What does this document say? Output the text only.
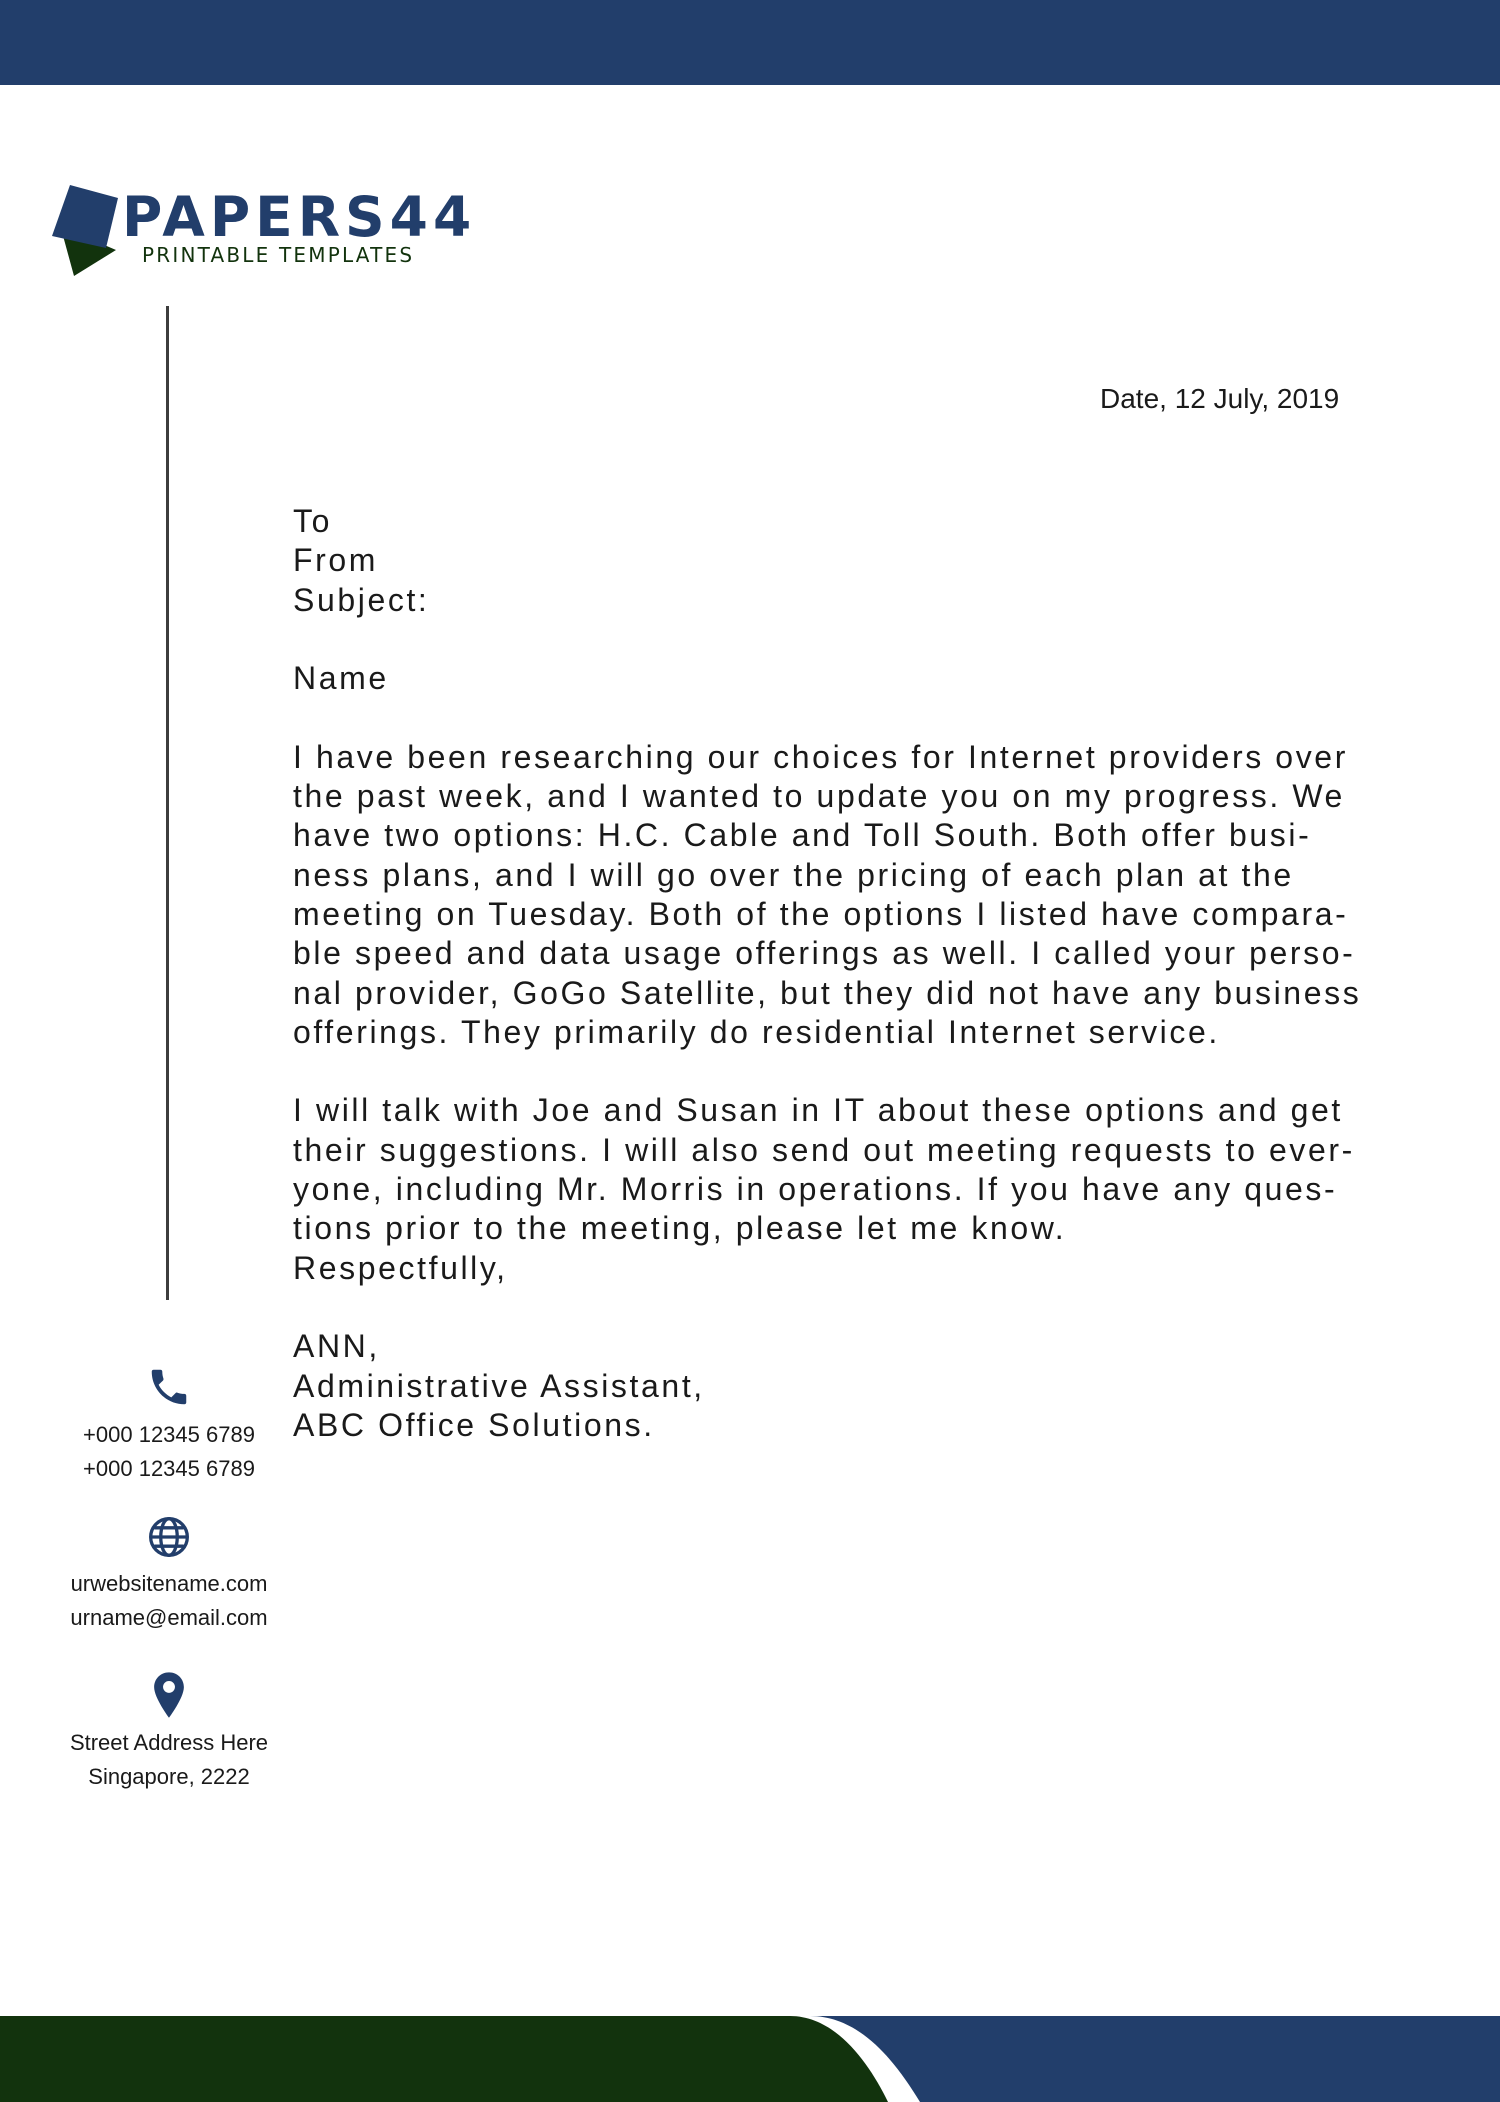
PAPERS44
PRINTABLE TEMPLATES
Date, 12 July, 2019

To

From

Subject:

Name

I have been researching our choices for Internet providers over

the past week, and I wanted to update you on my progress. We

have two options: H.C. Cable and Toll South. Both offer busi-

ness plans, and I will go over the pricing of each plan at the

meeting on Tuesday. Both of the options I listed have compara-

ble speed and data usage offerings as well. I called your perso-

nal provider, GoGo Satellite, but they did not have any business

offerings. They primarily do residential Internet service.

I will talk with Joe and Susan in IT about these options and get

their suggestions. I will also send out meeting requests to ever-

yone, including Mr. Morris in operations. If you have any ques-

tions prior to the meeting, please let me know.

Respectfully,

ANN,

Administrative Assistant,

ABC Office Solutions.

+000 12345 6789
+000 12345 6789
urwebsitename.com
urname@email.com
Street Address Here
Singapore, 2222
